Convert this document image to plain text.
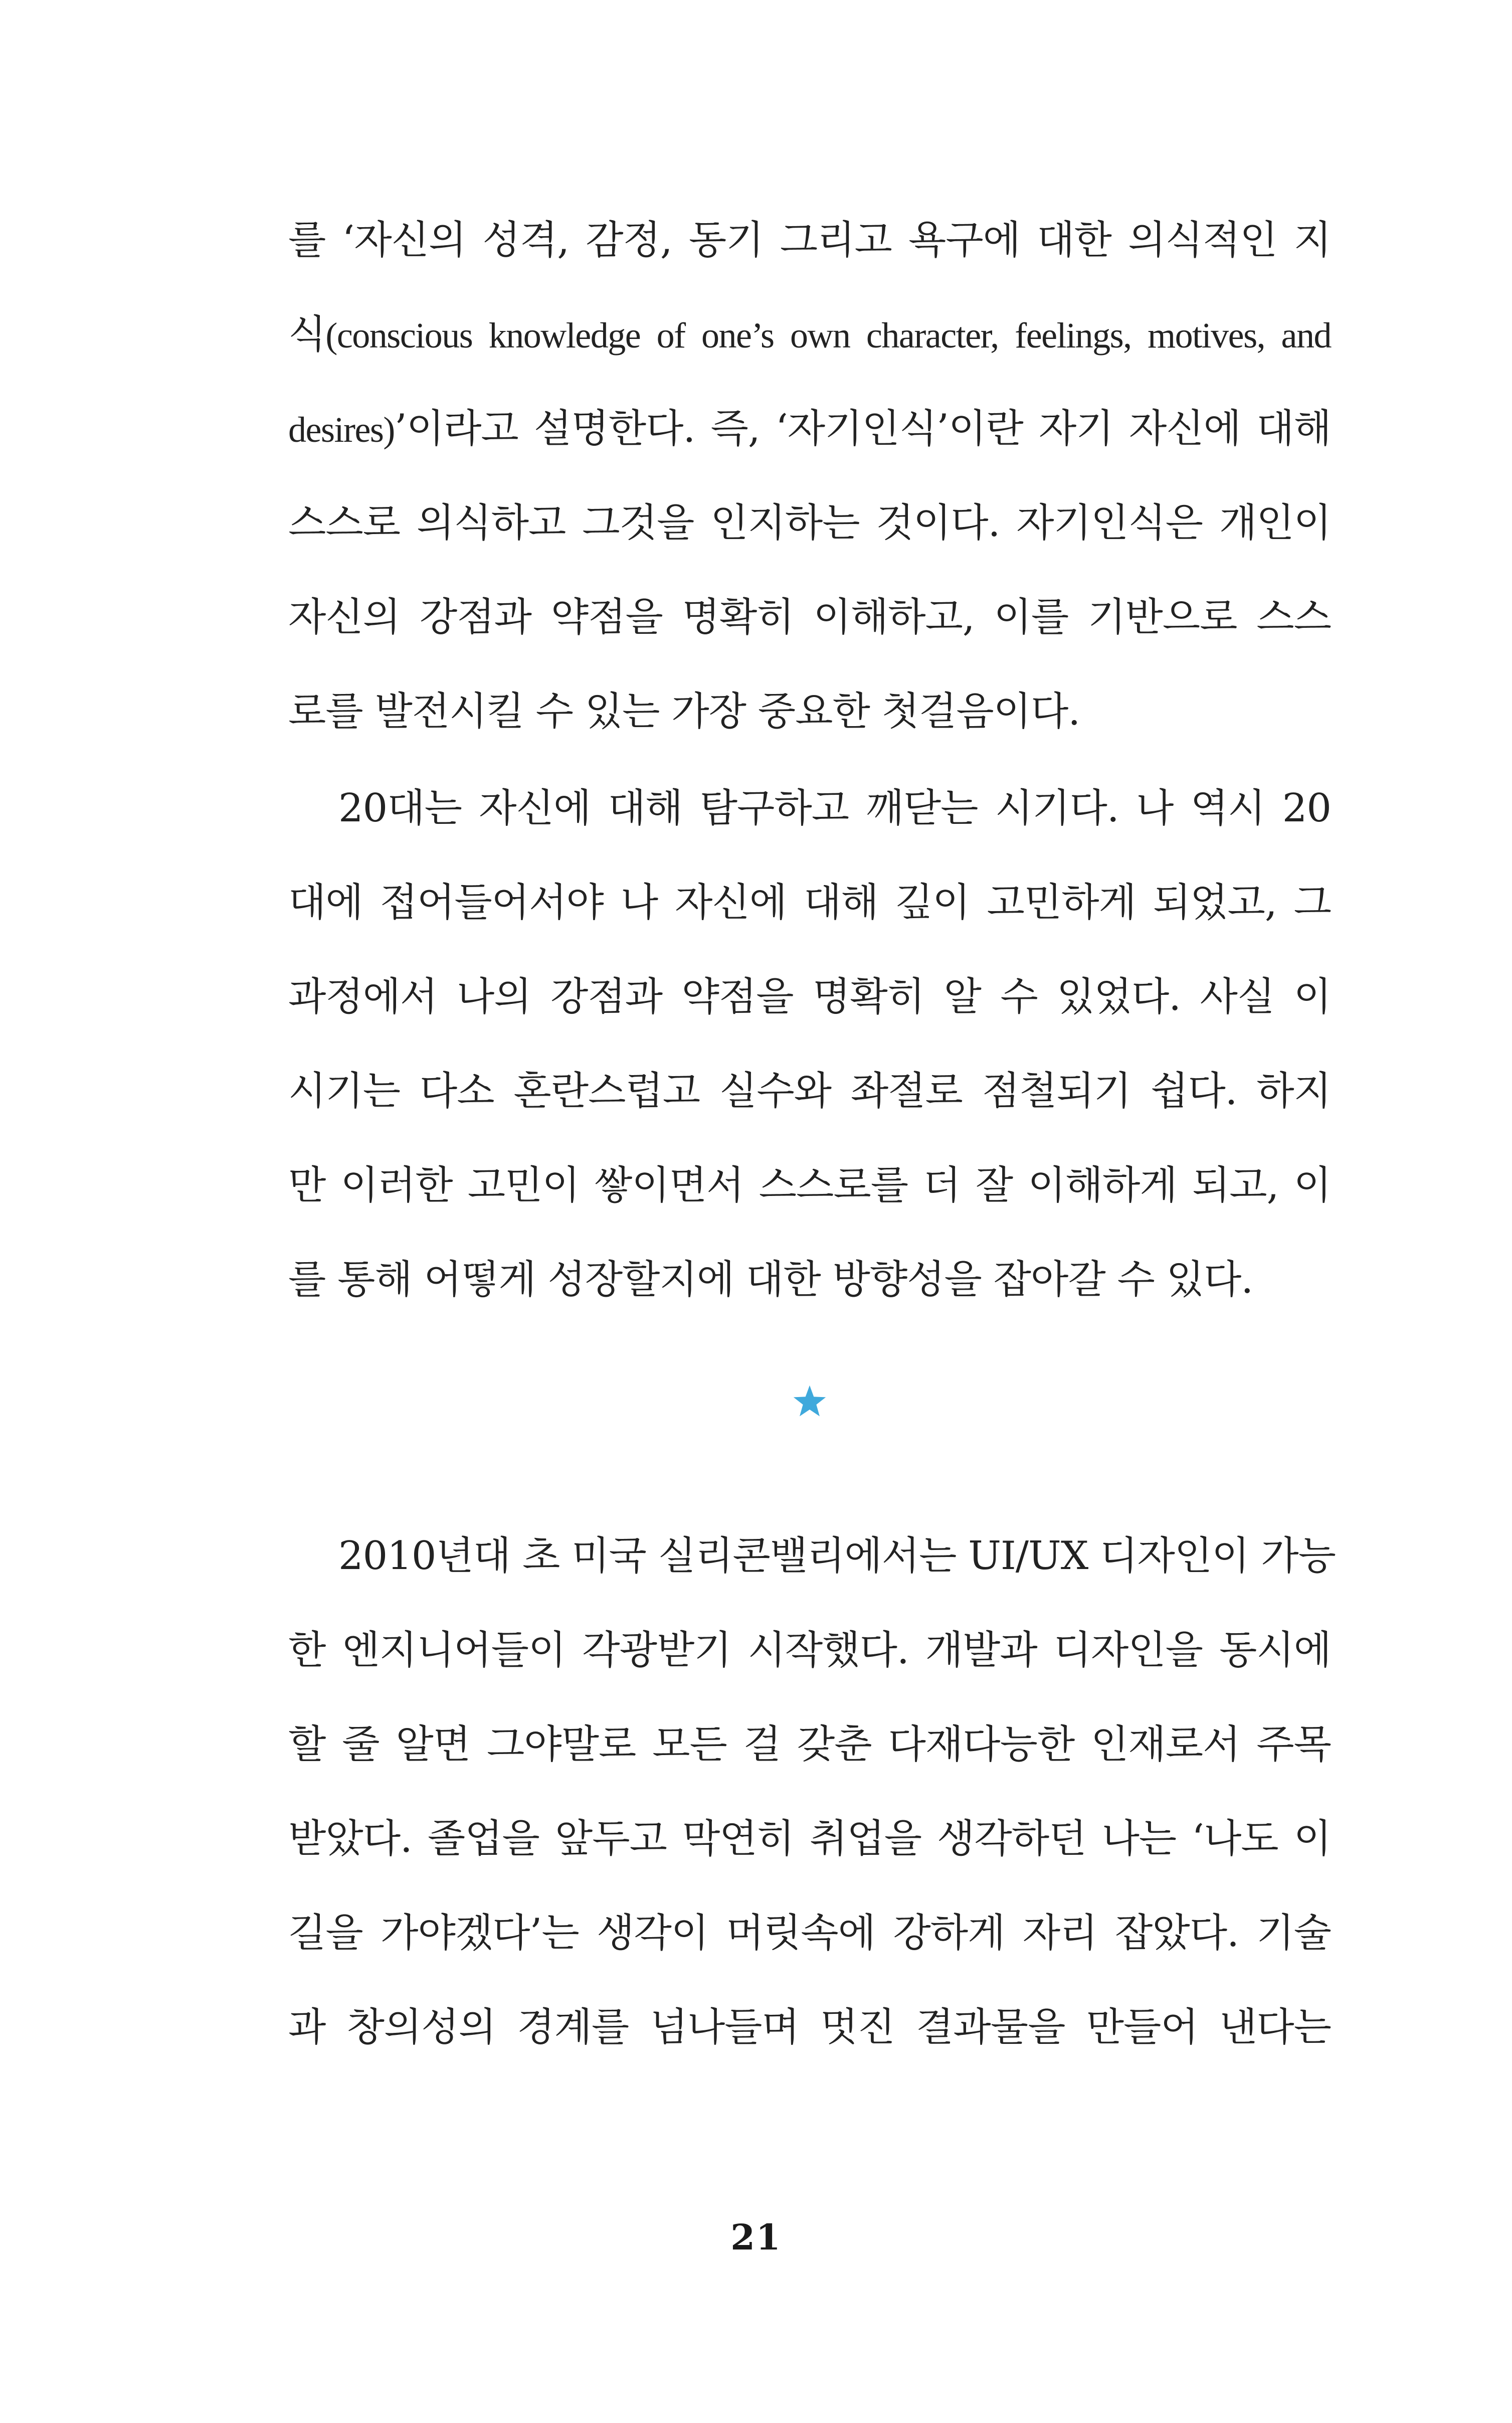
를 ‘자신의 성격, 감정, 동기 그리고 욕구에 대한 의식적인 지
식(conscious knowledge of one’s own character, feelings, motives, and
desires)’이라고 설명한다. 즉, ‘자기인식’이란 자기 자신에 대해
스스로 의식하고 그것을 인지하는 것이다. 자기인식은 개인이
자신의 강점과 약점을 명확히 이해하고, 이를 기반으로 스스
로를 발전시킬 수 있는 가장 중요한 첫걸음이다.
20대는 자신에 대해 탐구하고 깨닫는 시기다. 나 역시 20
대에 접어들어서야 나 자신에 대해 깊이 고민하게 되었고, 그
과정에서 나의 강점과 약점을 명확히 알 수 있었다. 사실 이
시기는 다소 혼란스럽고 실수와 좌절로 점철되기 쉽다. 하지
만 이러한 고민이 쌓이면서 스스로를 더 잘 이해하게 되고, 이
를 통해 어떻게 성장할지에 대한 방향성을 잡아갈 수 있다.
2010년대 초 미국 실리콘밸리에서는 UI/UX 디자인이 가능
한 엔지니어들이 각광받기 시작했다. 개발과 디자인을 동시에
할 줄 알면 그야말로 모든 걸 갖춘 다재다능한 인재로서 주목
받았다. 졸업을 앞두고 막연히 취업을 생각하던 나는 ‘나도 이
길을 가야겠다’는 생각이 머릿속에 강하게 자리 잡았다. 기술
과 창의성의 경계를 넘나들며 멋진 결과물을 만들어 낸다는
21
